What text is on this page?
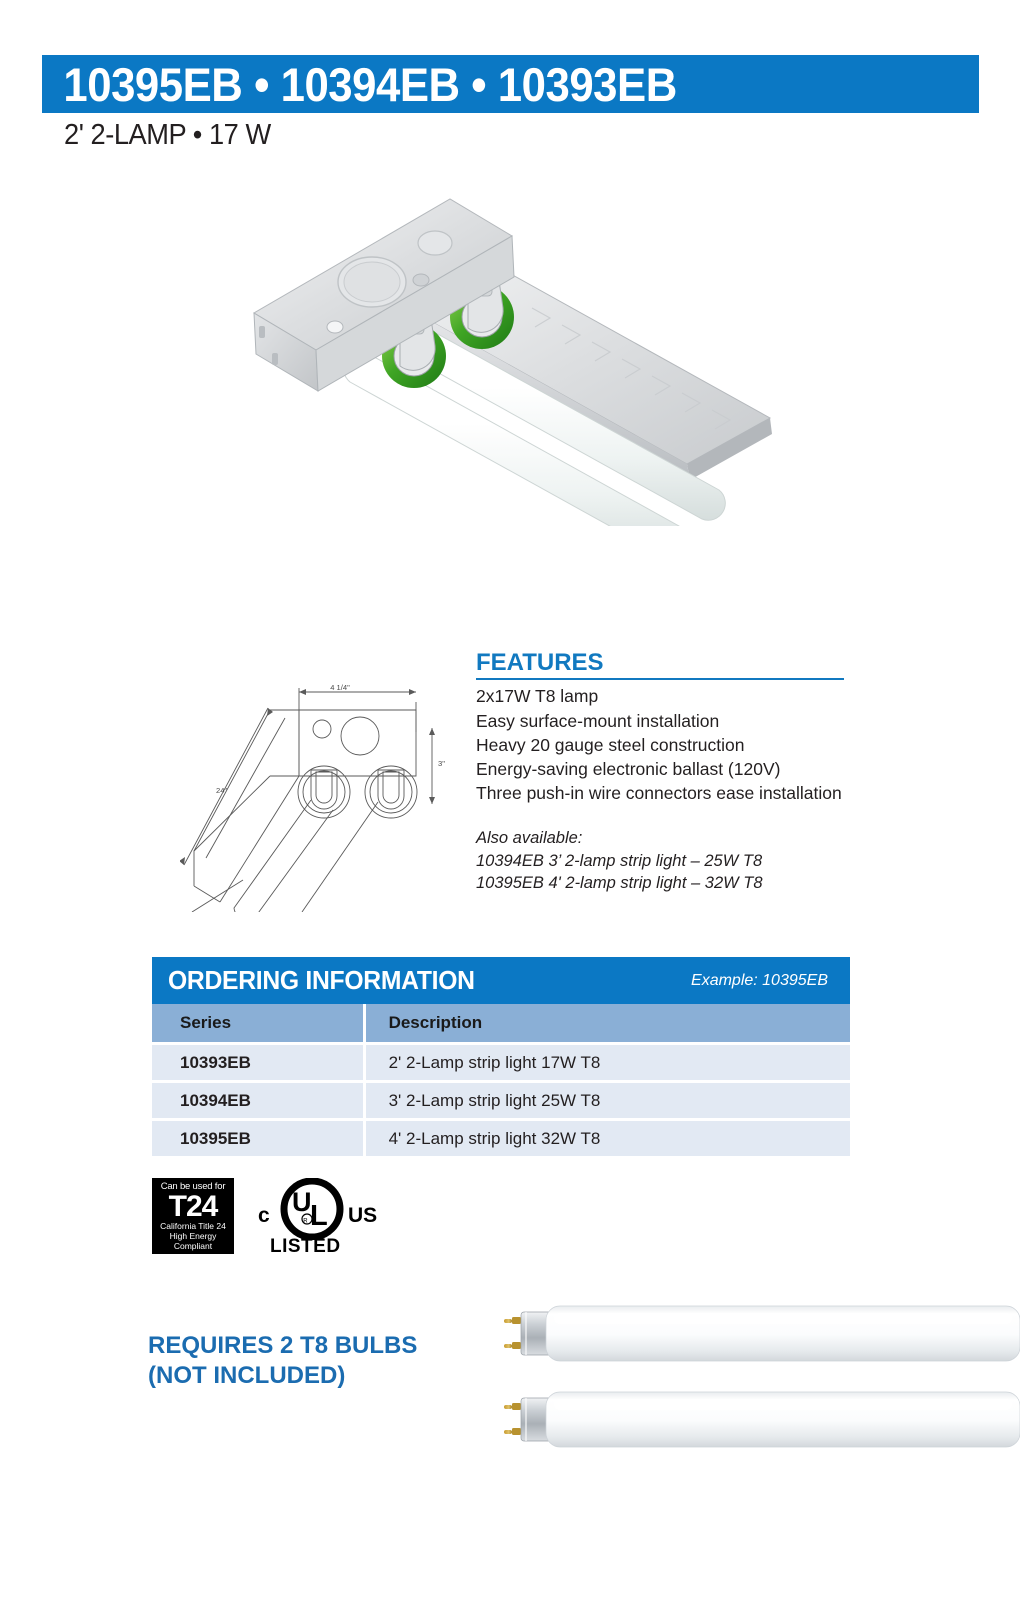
10395EB • 10394EB • 10393EB
2' 2-LAMP • 17 W
4 1/4"
3"
24"
FEATURES
2x17W T8 lamp
Easy surface-mount installation
Heavy 20 gauge steel construction
Energy-saving electronic ballast (120V)
Three push-in wire connectors ease installation
Also available:
10394EB 3’ 2-lamp strip light – 25W T8
10395EB 4' 2-lamp strip light – 32W T8
ORDERING INFORMATION	Example: 10395EB
Series	Description
10393EB	2' 2-Lamp strip light 17W T8
10394EB	3' 2-Lamp strip light 25W T8
10395EB	4' 2-Lamp strip light 32W T8
Can be used for
T24
California Title 24 High Energy Compliant
c U
L
R US
LISTED
REQUIRES 2 T8 BULBS
(NOT INCLUDED)
